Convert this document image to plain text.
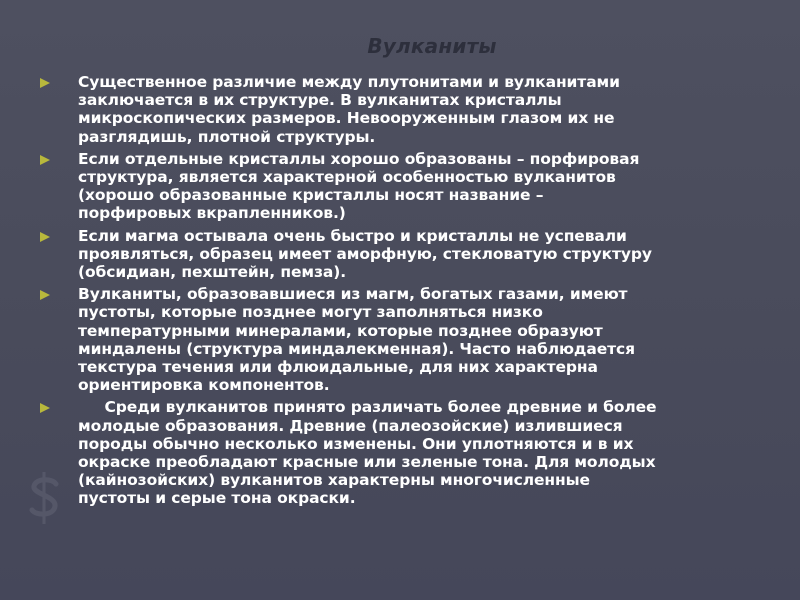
Вулканиты
Существенное различие между плутонитами и вулканитами
заключается в их структуре. В вулканитах кристаллы
микроскопических размеров. Невооруженным глазом их не
разглядишь, плотной структуры.
Если отдельные кристаллы хорошо образованы – порфировая
структура, является характерной особенностью вулканитов
(хорошо образованные кристаллы носят название –
порфировых вкрапленников.)
Если магма остывала очень быстро и кристаллы не успевали
проявляться, образец имеет аморфную, стекловатую структуру
(обсидиан, пехштейн, пемза).
Вулканиты, образовавшиеся из магм, богатых газами, имеют
пустоты, которые позднее могут заполняться низко
температурными минералами, которые позднее образуют
миндалены (структура миндалекменная). Часто наблюдается
текстура течения или флюидальные, для них характерна
ориентировка компонентов.
Среди вулканитов принято различать более древние и более
молодые образования. Древние (палеозойские) излившиеся
породы обычно несколько изменены. Они уплотняются и в их
окраске преобладают красные или зеленые тона. Для молодых
(кайнозойских) вулканитов характерны многочисленные
пустоты и серые тона окраски.
